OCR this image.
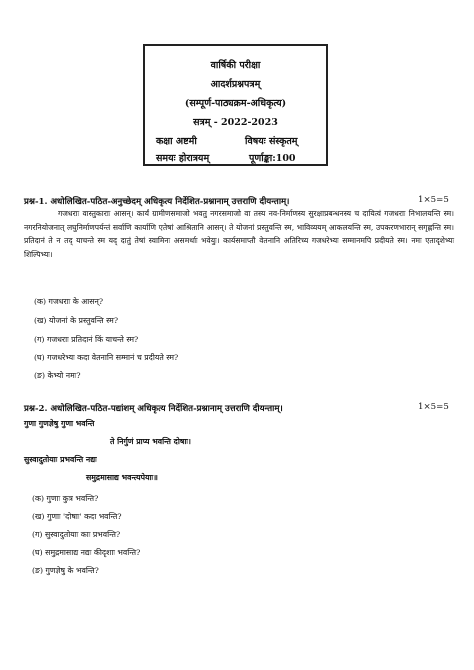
वार्षिकी परीक्षा
आदर्शप्रश्नपत्रम्
(सम्पूर्ण-पाठ्यक्रम-अधिकृत्य)
सत्रम् - 2022-2023
कक्षा अष्टमी	विषयः संस्कृतम्
समयः होरात्रयम्	पूर्णाङ्का:100
प्रश्न-1. अधोलिखित-पठित-अनुच्छेदम् अधिकृत्य निर्देशित-प्रश्नानाम् उत्तराणि दीयन्ताम्।	1×5=5

गजधराः वास्तुकाराः आसन्। कार्यं ग्रामीणसमाजो भवतु नगरसमाजो वा तस्य नव-निर्माणस्य सुरक्षाप्रबन्धनस्य च दायित्वं गजधराः निभालयन्ति स्म। नगरनियोजनात् लघुनिर्माणपर्यन्तं सर्वाणि कार्याणि एतेषां आश्रितानि आसन्। ते योजनां प्रस्तुवन्ति स्म, भाविव्ययम् आकलयन्ति स्म, उपकरणभारान् सगृह्णन्ति स्म। प्रतिदानं ते न तद् याचन्ते स्म यद् दातुं तेषां स्वामिनः असमर्थाः भवेयुः। कार्यसमाप्तौ वेतनानि अतिरिच्य गजधरेभ्यः सम्मानमपि प्रदीयते स्म। नमः एतादृशेभ्यः शिल्पिभ्यः।

(क) गजधराः के आसन्?
(ख) योजनां के प्रस्तुवन्ति स्म?
(ग) गजधराः प्रतिदानं किं याचन्ते स्म?
(घ) गजधरेभ्यः कदा वेतनानि सम्मानं च प्रदीयते स्म?
(ङ) केभ्यो नमः?
प्रश्न-2. अधोलिखित-पठित-पद्यांशम् अधिकृत्य निर्देशित-प्रश्नानाम् उत्तराणि दीयन्ताम्।	1×5=5
गुणा गुणज्ञेषु गुणा भवन्ति
ते निर्गुणं प्राप्य भवन्ति दोषाः।
सुस्वादुतोयाः प्रभवन्ति नद्यः
समुद्रमासाद्य भवन्त्यपेयाः॥
(क) गुणाः कुत्र भवन्ति?
(ख) गुणाः 'दोषाः' कदा भवन्ति?
(ग) सुस्वादुतोयाः काः प्रभवन्ति?
(घ) समुद्रमासाद्य नद्यः कीदृशाः भवन्ति?
(ङ) गुणज्ञेषु के भवन्ति?
